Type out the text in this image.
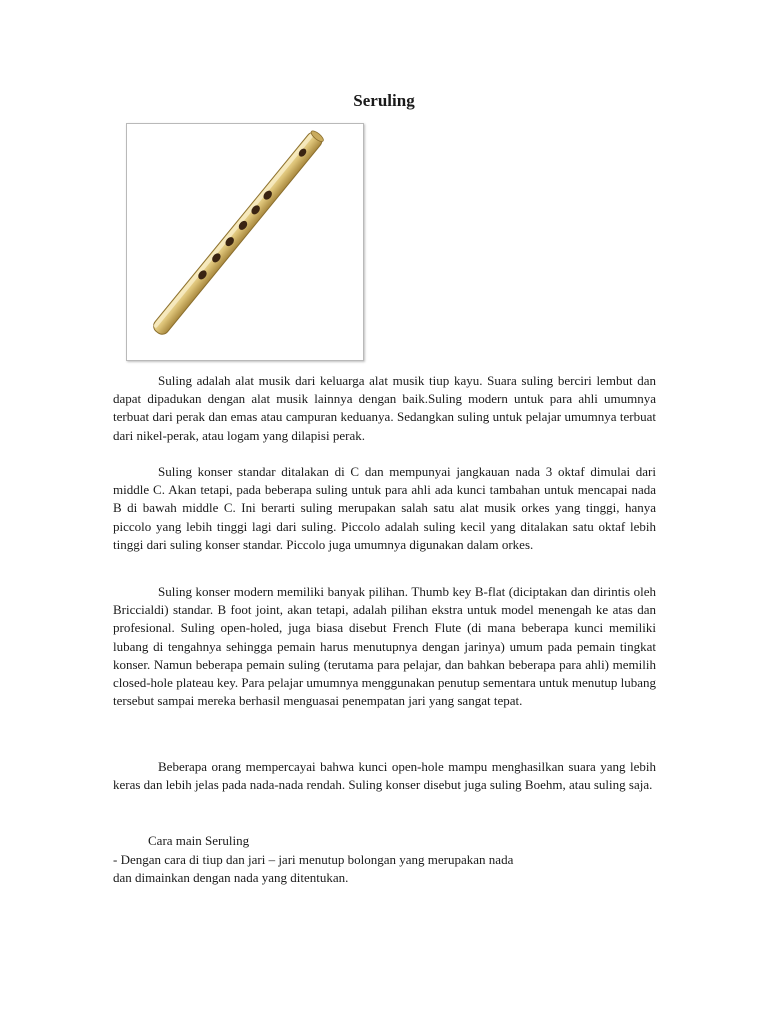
Seruling

Suling adalah alat musik dari keluarga alat musik tiup kayu. Suara suling berciri lembut dan dapat dipadukan dengan alat musik lainnya dengan baik.Suling modern untuk para ahli umumnya terbuat dari perak dan emas atau campuran keduanya. Sedangkan suling untuk pelajar umumnya terbuat dari nikel-perak, atau logam yang dilapisi perak.

Suling konser standar ditalakan di C dan mempunyai jangkauan nada 3 oktaf dimulai dari middle C. Akan tetapi, pada beberapa suling untuk para ahli ada kunci tambahan untuk mencapai nada B di bawah middle C. Ini berarti suling merupakan salah satu alat musik orkes yang tinggi, hanya piccolo yang lebih tinggi lagi dari suling. Piccolo adalah suling kecil yang ditalakan satu oktaf lebih tinggi dari suling konser standar. Piccolo juga umumnya digunakan dalam orkes.

Suling konser modern memiliki banyak pilihan. Thumb key B-flat (diciptakan dan dirintis oleh Briccialdi) standar. B foot joint, akan tetapi, adalah pilihan ekstra untuk model menengah ke atas dan profesional. Suling open-holed, juga biasa disebut French Flute (di mana beberapa kunci memiliki lubang di tengahnya sehingga pemain harus menutupnya dengan jarinya) umum pada pemain tingkat konser. Namun beberapa pemain suling (terutama para pelajar, dan bahkan beberapa para ahli) memilih closed-hole plateau key. Para pelajar umumnya menggunakan penutup sementara untuk menutup lubang tersebut sampai mereka berhasil menguasai penempatan jari yang sangat tepat.

Beberapa orang mempercayai bahwa kunci open-hole mampu menghasilkan suara yang lebih keras dan lebih jelas pada nada-nada rendah. Suling konser disebut juga suling Boehm, atau suling saja.

Cara main Seruling
- Dengan cara di tiup dan jari – jari menutup bolongan yang merupakan nada
dan dimainkan dengan nada yang ditentukan.
